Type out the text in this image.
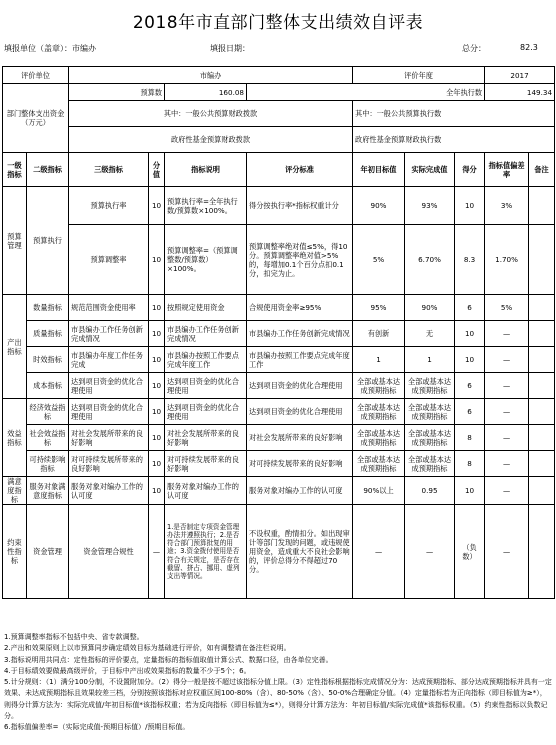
2018年市直部门整体支出绩效自评表
填报单位（盖章）：市编办	填报日期：	总分：	82.3
评价单位		市编办				评价年度			2017	
部门整体支出资金（万元）		预算数		160.08	全年执行数				149.34	
		其中：一般公共预算财政拨款				其中：一般公共预算执行数				
		政府性基金预算财政拨款				政府性基金预算财政执行数				
一级指标	二级指标	三级指标	分值	指标说明	评分标准	年初目标值	实际完成值	得分	指标值偏差率	备注
预算管理	预算执行	预算执行率	10	预算执行率=全年执行数/预算数×100%。	得分按执行率*指标权重计分	90%	93%	10	3%	
		预算调整率	10	预算调整率=（预算调整数/预算数）×100%。	预算调整率绝对值≤5%，得10分。预算调整率绝对值>5%的，每增加0.1个百分点扣0.1分，扣完为止。	5%	6.70%	8.3	1.70%	
产出指标	数量指标	规范范围资金使用率	10	按照规定使用资金	合规使用资金率≥95%	95%	90%	6	5%	
	质量指标	市县编办工作任务创新完成情况	10	市县编办工作任务创新完成情况	市县编办工作任务创新完成情况	有创新	无	10	—	
	时效指标	市县编办年度工作任务完成	10	市县编办按照工作要点完成年度工作	市县编办按照工作要点完成年度工作	1	1	10	—	
	成本指标	达到项目资金的优化合理使用	10	达到项目资金的优化合理使用	达到项目资金的优化合理使用	全部或基本达成预期指标	全部或基本达成预期指标	6	—	
效益指标	经济效益指标	达到项目资金的优化合理使用	10	达到项目资金的优化合理使用	达到项目资金的优化合理使用	全部或基本达成预期指标	全部或基本达成预期指标	6	—	
	社会效益指标	对社会发展所带来的良好影响	10	对社会发展所带来的良好影响	对社会发展所带来的良好影响	全部或基本达成预期指标	全部或基本达成预期指标	8	—	
	可持续影响指标	对可持续发展所带来的良好影响	10	对可持续发展带来的良好影响	对可持续发展带来的良好影响	全部或基本达成预期指标	全部或基本达成预期指标	8	—	
满意度指标	服务对象满意度指标	服务对象对编办工作的认可度	10	服务对象对编办工作的认可度	服务对象对编办工作的认可度	90%以上	0.95	10	—	
约束性指标	资金管理	资金管理合规性	—	1.是否制定专项资金管理办法并遵照执行；2.是否符合部门预算批复的用途；3.资金拨付使用是否符合有关规定，是否存在截留、挤占、挪用、虚列支出等情况。	不设权重，酌情扣分。如出现审计等部门发现的问题，或违规使用资金，造成重大不良社会影响的，评价总得分不得超过70分。	—	—	（负数）	—	
1.预算调整率指标不包括中央、省专款调整。
2.产出和效果原则上以市预算同步确定绩效目标为基础进行评价，如有调整请在备注栏说明。
3.指标说明用共同点：定性指标的评价要点，定量指标的指标值取值计算公式、数据口径，由各单位完善。
4.于目标绩效要做最高级评价，于目标中产出或效果指标的数量不少于5个；6。
5.计分规则：（1）满分100分制，不设置附加分。（2）得分一般是按不超过该指标分值上限。（3）定性指标根据指标完成情况分为：达成预期指标、部分达成预期指标并具有一定效果、未达成预期指标且效果较差三档，分别按照该指标对应权重区间100-80%（含）、80-50%（含）、50-0%合理确定分值。（4）定量指标若为正向指标（即目标值为≥*），则得分计算方法为：实际完成值/年初目标值*该指标权重；若为反向指标（即目标值为≤*），则得分计算方法为：年初目标值/实际完成值*该指标权重。（5）约束性指标以负数记分。
6.指标值偏差率=（实际完成值-预期目标值）/预期目标值。
